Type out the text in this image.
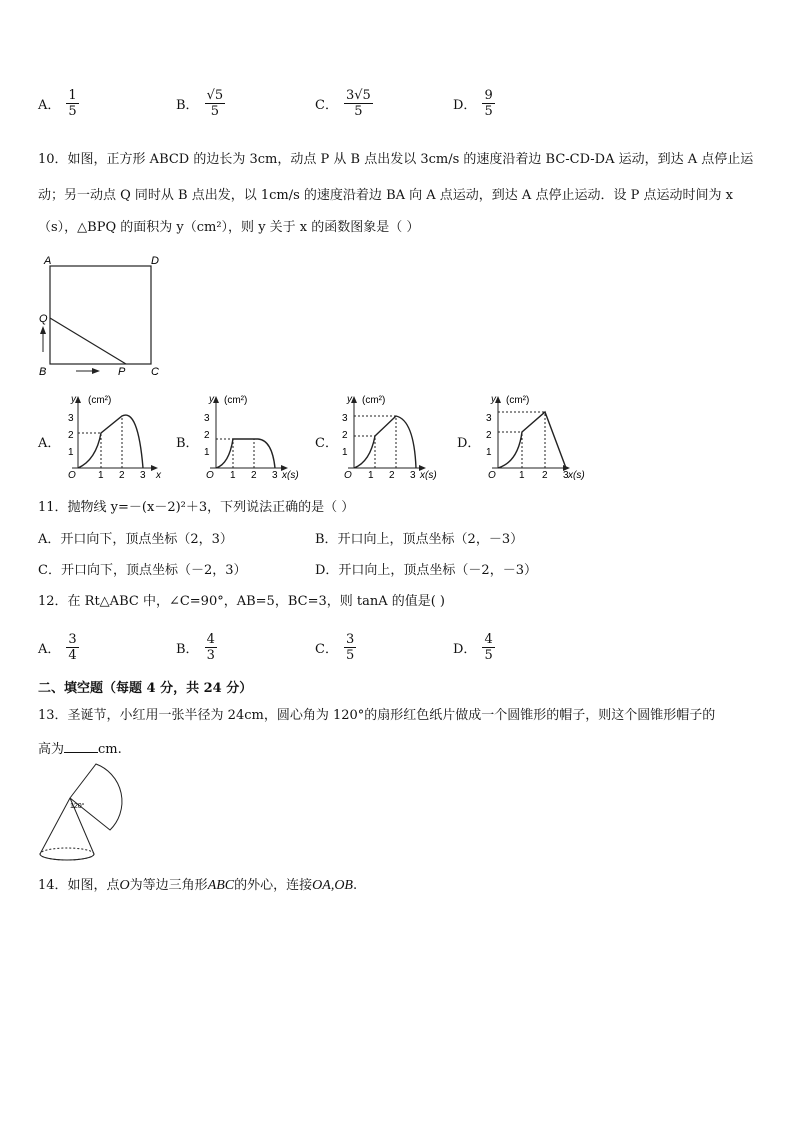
A． $\frac{1}{5}$	B． $\frac{√5}{5}$	C． $\frac{3√5}{5}$	D． $\frac{9}{5}$
10．如图，正方形 ABCD 的边长为 3cm，动点 P 从 B 点出发以 3cm/s 的速度沿着边 BC-CD-DA 运动，到达 A 点停止运
动；另一动点 Q 同时从 B 点出发，以 1cm/s 的速度沿着边 BA 向 A 点运动，到达 A 点停止运动．设 P 点运动时间为 x
（s），△BPQ 的面积为 y（cm²），则 y 关于 x 的函数图象是（ ）
A	D
Q
B	P C
A．	B．	C．	D．
y (cm²)
x
O
1
2
3
1 2 3
y (cm²)
x(s)
O
1
2
3
1 2 3
y (cm²)
x(s)
O
1
2
3
1 2 3
y (cm²)
x(s)
O
1
2
3
1 2 3
11．抛物线 y=－(x－2)²＋3，下列说法正确的是（ ）
A．开口向下，顶点坐标（2，3）	B．开口向上，顶点坐标（2，－3）
C．开口向下，顶点坐标（－2，3）	D．开口向上，顶点坐标（－2，－3）
12．在 Rt△ABC 中，∠C=90°，AB=5，BC=3，则 tanA 的值是( )
A． $\frac{3}{4}$	B． $\frac{4}{3}$	C． $\frac{3}{5}$	D． $\frac{4}{5}$
二、填空题（每题 4 分，共 24 分）
13．圣诞节，小红用一张半径为 24cm，圆心角为 120°的扇形红色纸片做成一个圆锥形的帽子，则这个圆锥形帽子的
高为	cm.
120°
14．如图，点O为等边三角形ABC的外心，连接OA,OB.
